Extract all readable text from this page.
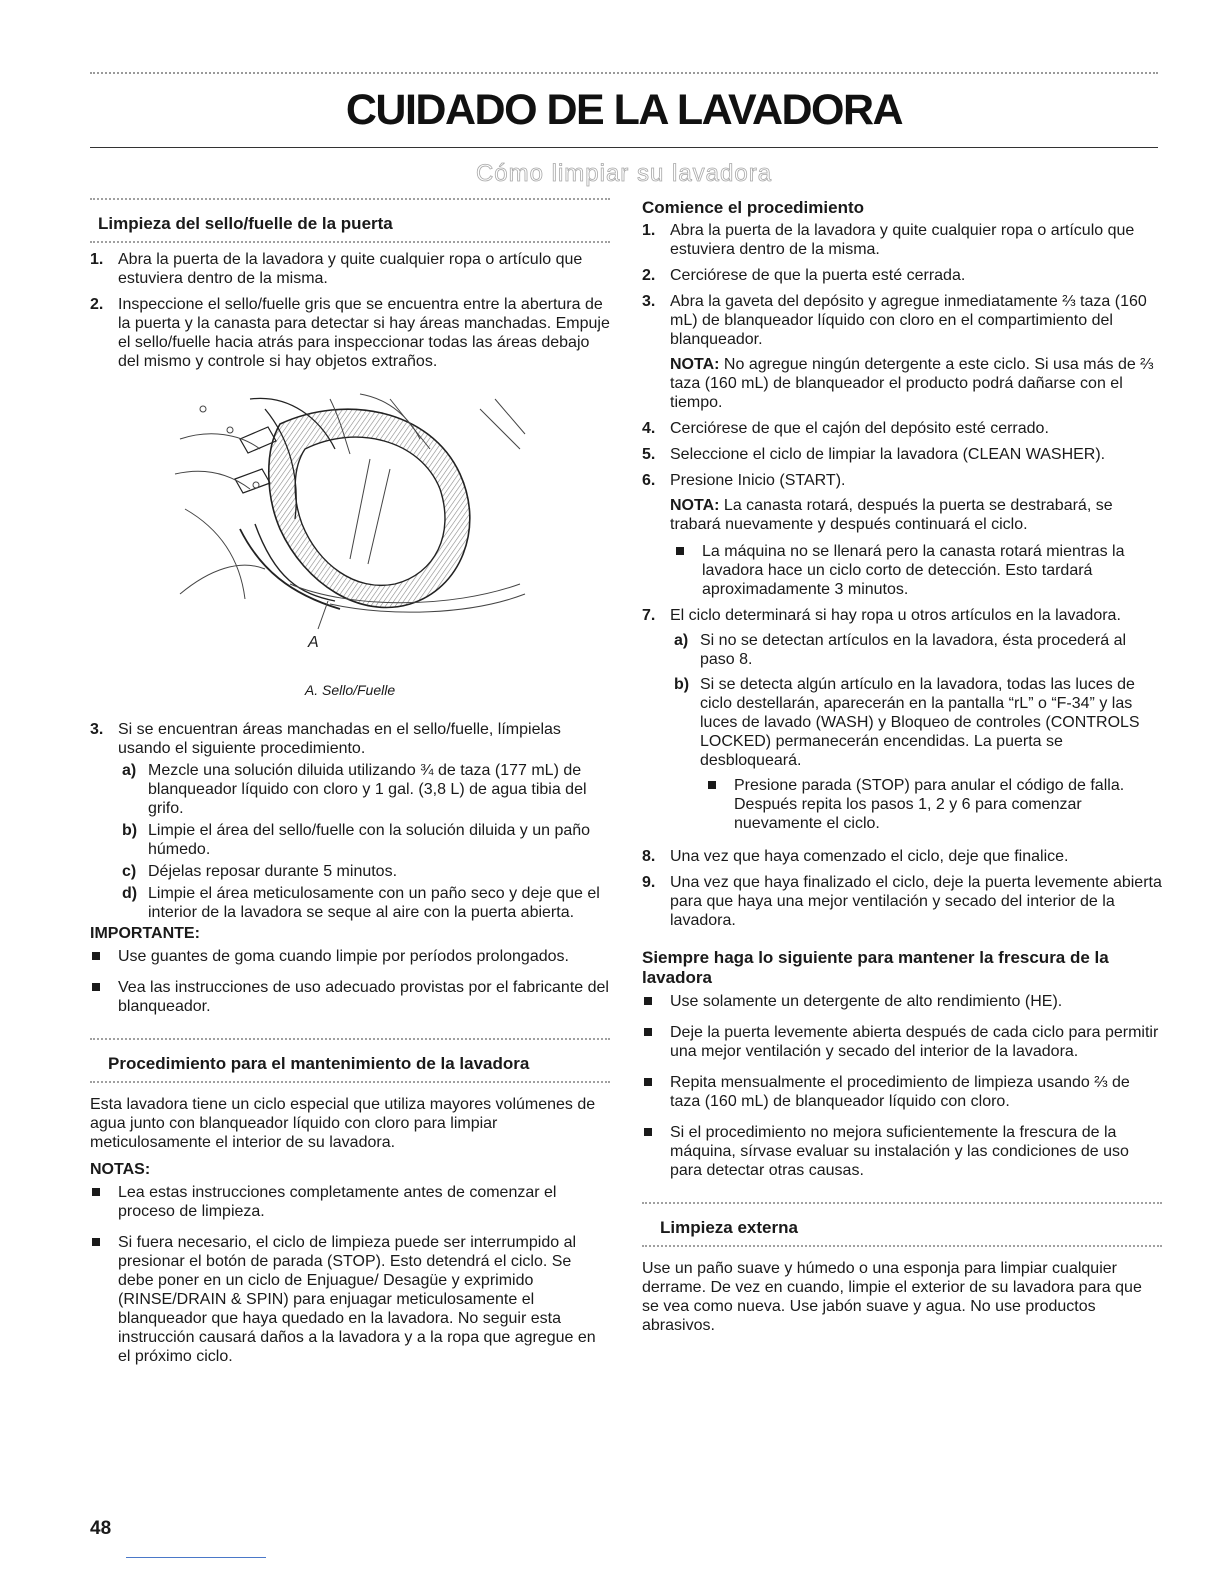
CUIDADO DE LA LAVADORA
Cómo limpiar su lavadora
Limpieza del sello/fuelle de la puerta
1. Abra la puerta de la lavadora y quite cualquier ropa o artículo que estuviera dentro de la misma.
2. Inspeccione el sello/fuelle gris que se encuentra entre la abertura de la puerta y la canasta para detectar si hay áreas manchadas. Empuje el sello/fuelle hacia atrás para inspeccionar todas las áreas debajo del mismo y controle si hay objetos extraños.
A
A. Sello/Fuelle
3. Si se encuentran áreas manchadas en el sello/fuelle, límpielas usando el siguiente procedimiento.
a) Mezcle una solución diluida utilizando ¾ de taza (177 mL) de blanqueador líquido con cloro y 1 gal. (3,8 L) de agua tibia del grifo.
b) Limpie el área del sello/fuelle con la solución diluida y un paño húmedo.
c) Déjelas reposar durante 5 minutos.
d) Limpie el área meticulosamente con un paño seco y deje que el interior de la lavadora se seque al aire con la puerta abierta.
IMPORTANTE:
Use guantes de goma cuando limpie por períodos prolongados.
Vea las instrucciones de uso adecuado provistas por el fabricante del blanqueador.
Procedimiento para el mantenimiento de la lavadora
Esta lavadora tiene un ciclo especial que utiliza mayores volúmenes de agua junto con blanqueador líquido con cloro para limpiar meticulosamente el interior de su lavadora.
NOTAS:
Lea estas instrucciones completamente antes de comenzar el proceso de limpieza.
Si fuera necesario, el ciclo de limpieza puede ser interrumpido al presionar el botón de parada (STOP). Esto detendrá el ciclo. Se debe poner en un ciclo de Enjuague/ Desagüe y exprimido (RINSE/DRAIN & SPIN) para enjuagar meticulosamente el blanqueador que haya quedado en la lavadora. No seguir esta instrucción causará daños a la lavadora y a la ropa que agregue en el próximo ciclo.
Comience el procedimiento
1. Abra la puerta de la lavadora y quite cualquier ropa o artículo que estuviera dentro de la misma.
2. Cerciórese de que la puerta esté cerrada.
3. Abra la gaveta del depósito y agregue inmediatamente ⅔ taza (160 mL) de blanqueador líquido con cloro en el compartimiento del blanqueador.
NOTA: No agregue ningún detergente a este ciclo. Si usa más de ⅔ taza (160 mL) de blanqueador el producto podrá dañarse con el tiempo.
4. Cerciórese de que el cajón del depósito esté cerrado.
5. Seleccione el ciclo de limpiar la lavadora (CLEAN WASHER).
6. Presione Inicio (START).
NOTA: La canasta rotará, después la puerta se destrabará, se trabará nuevamente y después continuará el ciclo.
La máquina no se llenará pero la canasta rotará mientras la lavadora hace un ciclo corto de detección. Esto tardará aproximadamente 3 minutos.
7. El ciclo determinará si hay ropa u otros artículos en la lavadora.
a) Si no se detectan artículos en la lavadora, ésta procederá al paso 8.
b) Si se detecta algún artículo en la lavadora, todas las luces de ciclo destellarán, aparecerán en la pantalla “rL” o “F-34” y las luces de lavado (WASH) y Bloqueo de controles (CONTROLS LOCKED) permanecerán encendidas. La puerta se desbloqueará.
Presione parada (STOP) para anular el código de falla. Después repita los pasos 1, 2 y 6 para comenzar nuevamente el ciclo.
8. Una vez que haya comenzado el ciclo, deje que finalice.
9. Una vez que haya finalizado el ciclo, deje la puerta levemente abierta para que haya una mejor ventilación y secado del interior de la lavadora.
Siempre haga lo siguiente para mantener la frescura de la lavadora
Use solamente un detergente de alto rendimiento (HE).
Deje la puerta levemente abierta después de cada ciclo para permitir una mejor ventilación y secado del interior de la lavadora.
Repita mensualmente el procedimiento de limpieza usando ⅔ de taza (160 mL) de blanqueador líquido con cloro.
Si el procedimiento no mejora suficientemente la frescura de la máquina, sírvase evaluar su instalación y las condiciones de uso para detectar otras causas.
Limpieza externa
Use un paño suave y húmedo o una esponja para limpiar cualquier derrame. De vez en cuando, limpie el exterior de su lavadora para que se vea como nueva. Use jabón suave y agua. No use productos abrasivos.
48
